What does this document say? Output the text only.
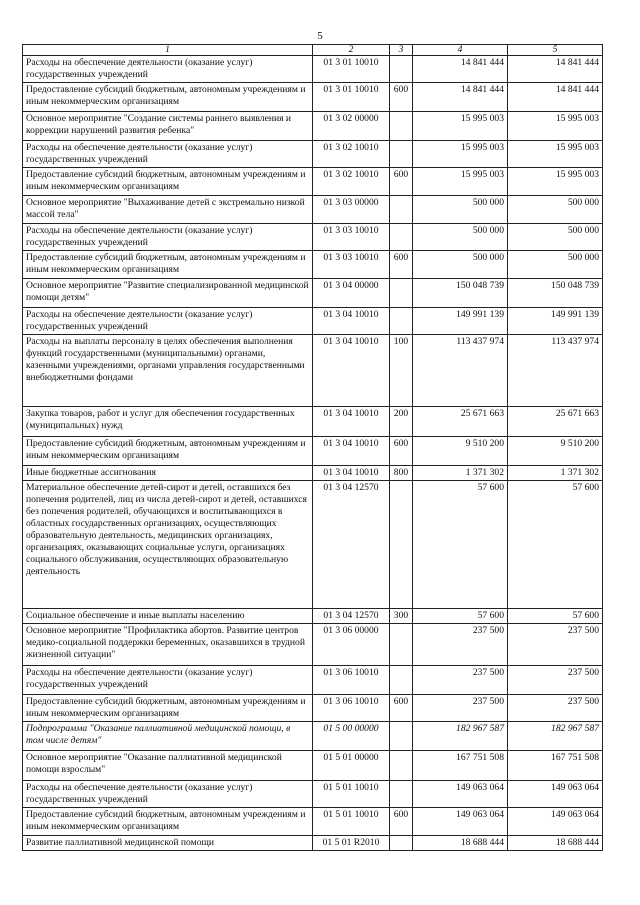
5
1	2	3	4	5
Расходы на обеспечение деятельности (оказание услуг) государственных учреждений	01 3 01 10010		14 841 444	14 841 444
Предоставление субсидий бюджетным, автономным учреждениям и иным некоммерческим организациям	01 3 01 10010	600	14 841 444	14 841 444
Основное мероприятие "Создание системы раннего выявления и коррекции нарушений развития ребенка"	01 3 02 00000		15 995 003	15 995 003
Расходы на обеспечение деятельности (оказание услуг) государственных учреждений	01 3 02 10010		15 995 003	15 995 003
Предоставление субсидий бюджетным, автономным учреждениям и иным некоммерческим организациям	01 3 02 10010	600	15 995 003	15 995 003
Основное мероприятие "Выхаживание детей с экстремально низкой массой тела"	01 3 03 00000		500 000	500 000
Расходы на обеспечение деятельности (оказание услуг) государственных учреждений	01 3 03 10010		500 000	500 000
Предоставление субсидий бюджетным, автономным учреждениям и иным некоммерческим организациям	01 3 03 10010	600	500 000	500 000
Основное мероприятие "Развитие специализированной медицинской помощи детям"	01 3 04 00000		150 048 739	150 048 739
Расходы на обеспечение деятельности (оказание услуг) государственных учреждений	01 3 04 10010		149 991 139	149 991 139
Расходы на выплаты персоналу в целях обеспечения выполнения функций государственными (муниципальными) органами, казенными учреждениями, органами управления государственными внебюджетными фондами	01 3 04 10010	100	113 437 974	113 437 974
Закупка товаров, работ и услуг для обеспечения государственных (муниципальных) нужд	01 3 04 10010	200	25 671 663	25 671 663
Предоставление субсидий бюджетным, автономным учреждениям и иным некоммерческим организациям	01 3 04 10010	600	9 510 200	9 510 200
Иные бюджетные ассигнования	01 3 04 10010	800	1 371 302	1 371 302
Материальное обеспечение детей-сирот и детей, оставшихся без попечения родителей, лиц из числа детей-сирот и детей, оставшихся без попечения родителей, обучающихся и воспитывающихся в областных государственных организациях, осуществляющих образовательную деятельность, медицинских организациях, организациях, оказывающих социальные услуги, организациях социального обслуживания, осуществляющих образовательную деятельность	01 3 04 12570		57 600	57 600
Социальное обеспечение и иные выплаты населению	01 3 04 12570	300	57 600	57 600
Основное мероприятие "Профилактика абортов. Развитие центров медико-социальной поддержки беременных, оказавшихся в трудной жизненной ситуации"	01 3 06 00000		237 500	237 500
Расходы на обеспечение деятельности (оказание услуг) государственных учреждений	01 3 06 10010		237 500	237 500
Предоставление субсидий бюджетным, автономным учреждениям и иным некоммерческим организациям	01 3 06 10010	600	237 500	237 500
Подпрограмма "Оказание паллиативной медицинской помощи, в том числе детям"	01 5 00 00000		182 967 587	182 967 587
Основное мероприятие "Оказание паллиативной медицинской помощи взрослым"	01 5 01 00000		167 751 508	167 751 508
Расходы на обеспечение деятельности (оказание услуг) государственных учреждений	01 5 01 10010		149 063 064	149 063 064
Предоставление субсидий бюджетным, автономным учреждениям и иным некоммерческим организациям	01 5 01 10010	600	149 063 064	149 063 064
Развитие паллиативной медицинской помощи	01 5 01 R2010		18 688 444	18 688 444
